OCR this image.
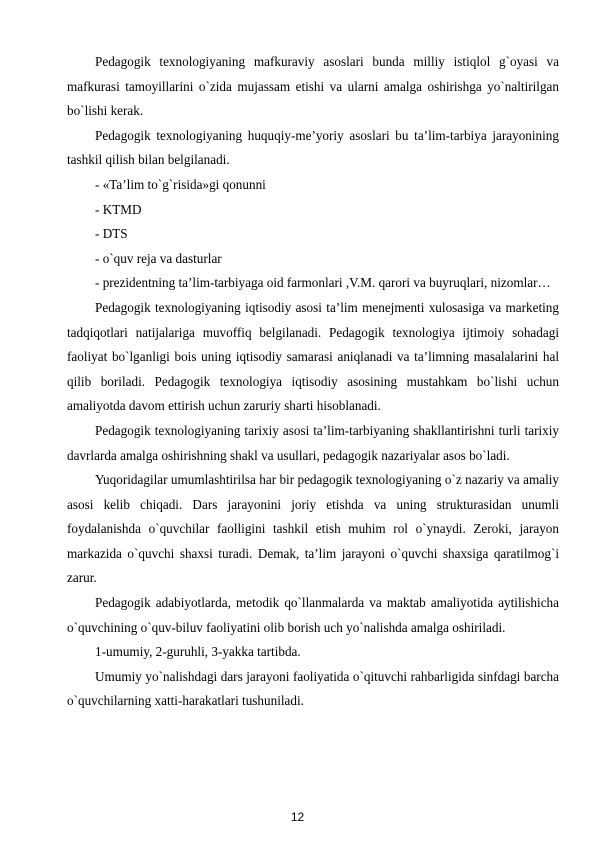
Pedagogik texnologiyaning mafkuraviy asoslari bunda milliy istiqlol g`oyasi va mafkurasi tamoyillarini o`zida mujassam etishi va ularni amalga oshirishga yo`naltirilgan bo`lishi kerak.

Pedagogik texnologiyaning huquqiy-me’yoriy asoslari bu ta’lim-tarbiya jarayonining tashkil qilish bilan belgilanadi.

- «Ta’lim to`g`risida»gi qonunni

- KTMD

- DTS

- o`quv reja va dasturlar

- prezidentning ta’lim-tarbiyaga oid farmonlari ,V.M. qarori va buyruqlari, nizomlar…

Pedagogik texnologiyaning iqtisodiy asosi ta’lim menejmenti xulosasiga va marketing tadqiqotlari natijalariga muvoffiq belgilanadi. Pedagogik texnologiya ijtimoiy sohadagi faoliyat bo`lganligi bois uning iqtisodiy samarasi aniqlanadi va ta’limning masalalarini hal qilib boriladi. Pedagogik texnologiya iqtisodiy asosining mustahkam bo`lishi uchun amaliyotda davom ettirish uchun zaruriy sharti hisoblanadi.

Pedagogik texnologiyaning tarixiy asosi ta’lim-tarbiyaning shakllantirishni turli tarixiy davrlarda amalga oshirishning shakl va usullari, pedagogik nazariyalar asos bo`ladi.

Yuqoridagilar umumlashtirilsa har bir pedagogik texnologiyaning o`z nazariy va amaliy asosi kelib chiqadi. Dars jarayonini joriy etishda va uning strukturasidan unumli foydalanishda o`quvchilar faolligini tashkil etish muhim rol o`ynaydi. Zeroki, jarayon markazida o`quvchi shaxsi turadi. Demak, ta’lim jarayoni o`quvchi shaxsiga qaratilmog`i zarur.

Pedagogik adabiyotlarda, metodik qo`llanmalarda va maktab amaliyotida aytilishicha o`quvchining o`quv-biluv faoliyatini olib borish uch yo`nalishda amalga oshiriladi.

1-umumiy, 2-guruhli, 3-yakka tartibda.

Umumiy yo`nalishdagi dars jarayoni faoliyatida o`qituvchi rahbarligida sinfdagi barcha o`quvchilarning xatti-harakatlari tushuniladi.

12
